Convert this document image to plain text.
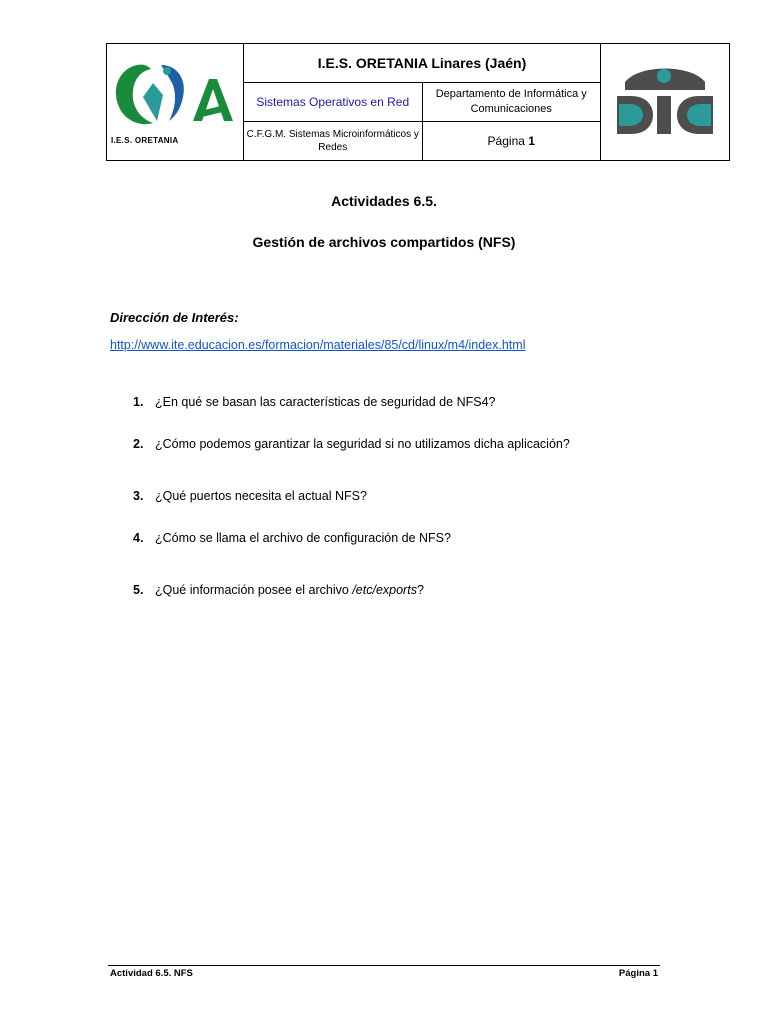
I.E.S. ORETANIA	I.E.S. ORETANIA Linares (Jaén)	
	Sistemas Operativos en Red	Departamento de Informática y Comunicaciones	
	C.F.G.M. Sistemas Microinformáticos y Redes	Página 1	
Actividades 6.5.
Gestión de archivos compartidos (NFS)
Dirección de Interés:
http://www.ite.educacion.es/formacion/materiales/85/cd/linux/m4/index.html
1. ¿En qué se basan las características de seguridad de NFS4?
2. ¿Cómo podemos garantizar la seguridad si no utilizamos dicha aplicación?
3. ¿Qué puertos necesita el actual NFS?
4. ¿Cómo se llama el archivo de configuración de NFS?
5. ¿Qué información posee el archivo /etc/exports?
Actividad 6.5. NFS	Página 1
